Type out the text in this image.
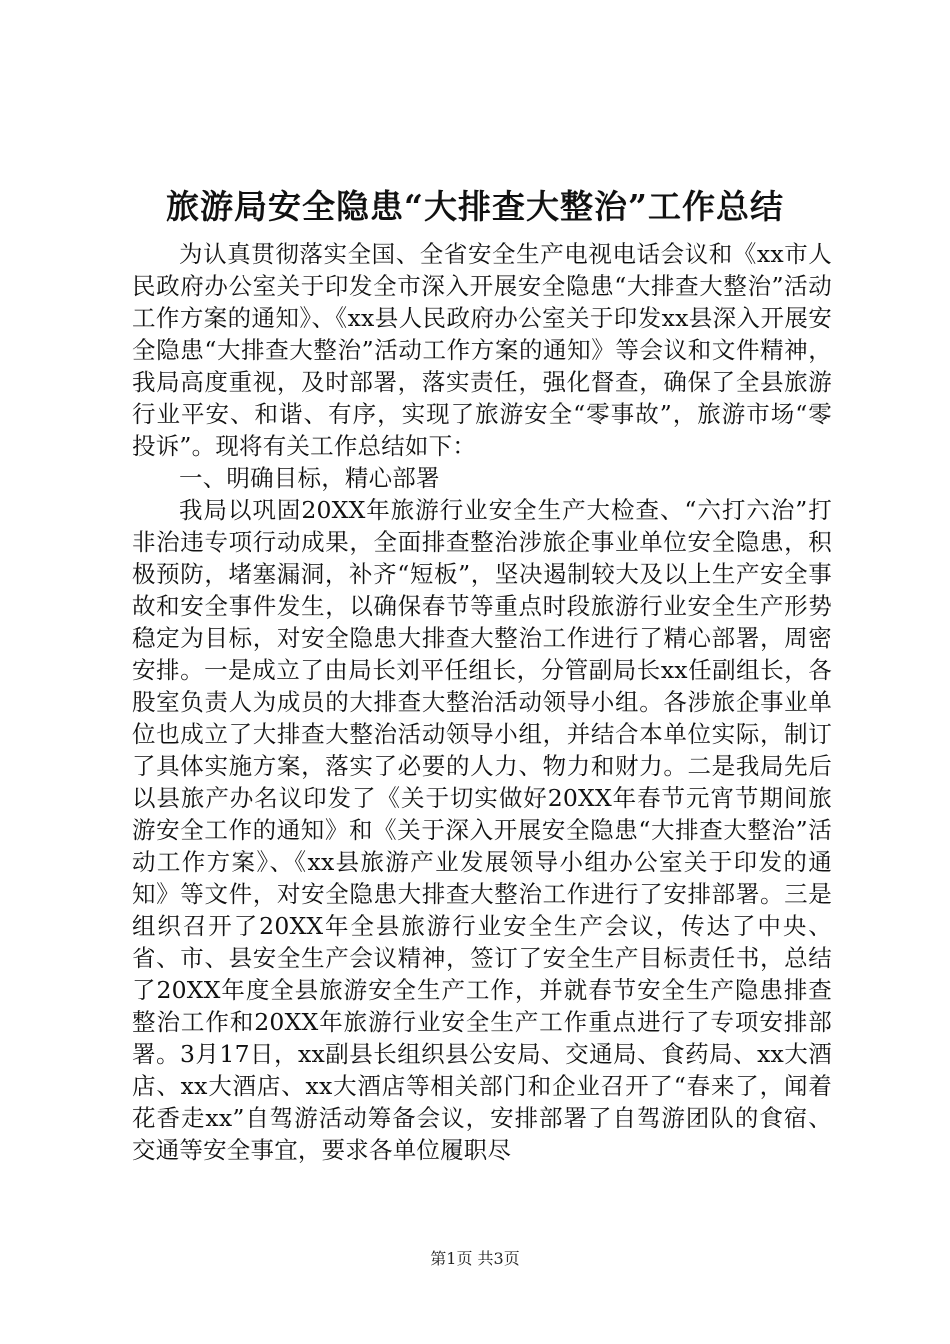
旅游局安全隐患“大排查大整治”工作总结

为认真贯彻落实全国、全省安全生产电视电话会议和《xx市人民政府办公室关于印发全市深入开展安全隐患“大排查大整治”活动工作方案的通知》、《xx县人民政府办公室关于印发xx县深入开展安全隐患“大排查大整治”活动工作方案的通知》等会议和文件精神，我局高度重视，及时部署，落实责任，强化督查，确保了全县旅游行业平安、和谐、有序，实现了旅游安全“零事故”，旅游市场“零投诉”。现将有关工作总结如下：

一、明确目标，精心部署

我局以巩固20XX年旅游行业安全生产大检查、“六打六治”打非治违专项行动成果，全面排查整治涉旅企事业单位安全隐患，积极预防，堵塞漏洞，补齐“短板”，坚决遏制较大及以上生产安全事故和安全事件发生，以确保春节等重点时段旅游行业安全生产形势稳定为目标，对安全隐患大排查大整治工作进行了精心部署，周密安排。一是成立了由局长刘平任组长，分管副局长xx任副组长，各股室负责人为成员的大排查大整治活动领导小组。各涉旅企事业单位也成立了大排查大整治活动领导小组，并结合本单位实际，制订了具体实施方案，落实了必要的人力、物力和财力。二是我局先后以县旅产办名议印发了《关于切实做好20XX年春节元宵节期间旅游安全工作的通知》和《关于深入开展安全隐患“大排查大整治”活动工作方案》、《xx县旅游产业发展领导小组办公室关于印发的通知》等文件，对安全隐患大排查大整治工作进行了安排部署。三是组织召开了20XX年全县旅游行业安全生产会议，传达了中央、省、市、县安全生产会议精神，签订了安全生产目标责任书，总结了20XX年度全县旅游安全生产工作，并就春节安全生产隐患排查整治工作和20XX年旅游行业安全生产工作重点进行了专项安排部署。3月17日，xx副县长组织县公安局、交通局、食药局、xx大酒店、xx大酒店、xx大酒店等相关部门和企业召开了“春来了，闻着花香走xx”自驾游活动筹备会议，安排部署了自驾游团队的食宿、交通等安全事宜，要求各单位履职尽

第1页 共3页
